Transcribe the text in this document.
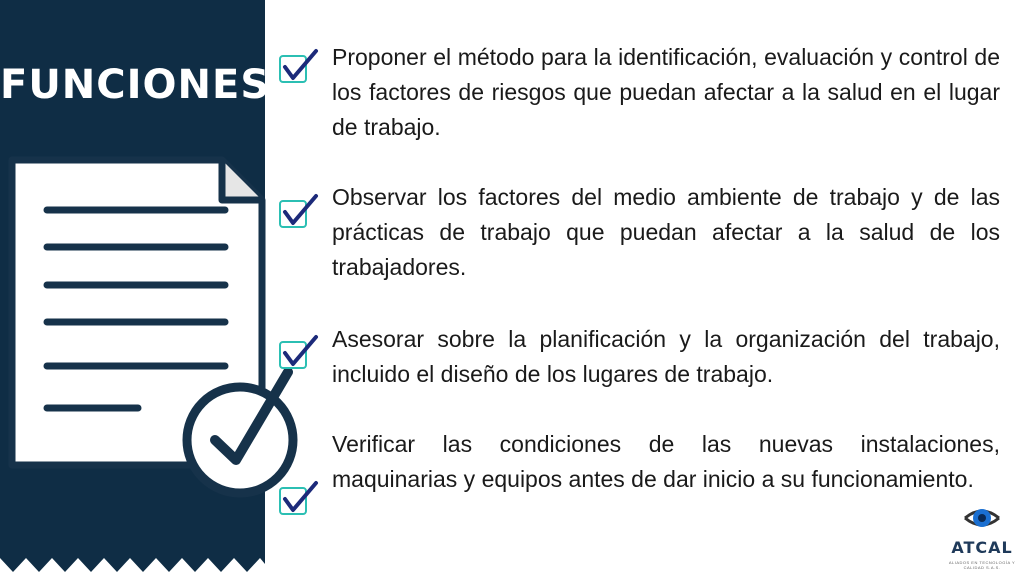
FUNCIONES
Proponer el método para la identificación, evaluación y control de los factores de riesgos que puedan afectar a la salud en el lugar de trabajo.
Observar los factores del medio ambiente de trabajo y de las prácticas de trabajo que puedan afectar a la salud de los trabajadores.
Asesorar sobre la planificación y la organización del trabajo, incluido el diseño de los lugares de trabajo.
Verificar las condiciones de las nuevas instalaciones, maquinarias y equipos antes de dar inicio a su funcionamiento.
ATCAL
ALIADOS EN TECNOLOGÍA Y CALIDAD S.A.S.
